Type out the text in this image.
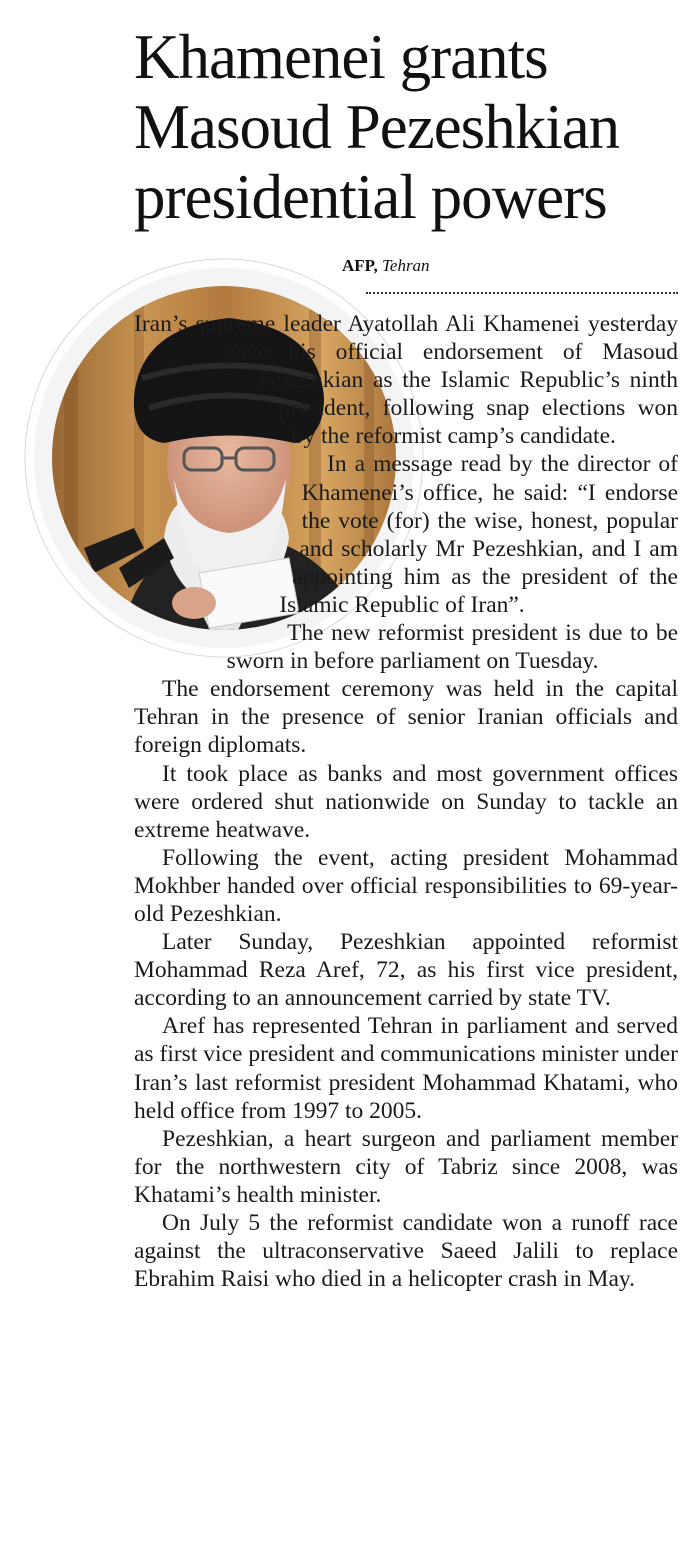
Khamenei grants Masoud Pezeshkian presidential powers
AFP, Tehran

Iran’s supreme leader Ayatollah Ali Khamenei yesterday gave his official endorsement of Masoud Pezeshkian as the Islamic Republic’s ninth president, following snap elections won by the reformist camp’s candidate.

In a message read by the director of Khamenei’s office, he said: “I endorse the vote (for) the wise, honest, popular and scholarly Mr Pezeshkian, and I am appointing him as the president of the Islamic Republic of Iran”.

The new reformist president is due to be sworn in before parliament on Tuesday.

The endorsement ceremony was held in the capital Tehran in the presence of senior Iranian officials and foreign diplomats.

It took place as banks and most government offices were ordered shut nationwide on Sunday to tackle an extreme heatwave.

Following the event, acting president Mohammad Mokhber handed over official responsibilities to 69-year-old Pezeshkian.

Later Sunday, Pezeshkian appointed reformist Mohammad Reza Aref, 72, as his first vice president, according to an announcement carried by state TV.

Aref has represented Tehran in parliament and served as first vice president and communications minister under Iran’s last reformist president Mohammad Khatami, who held office from 1997 to 2005.

Pezeshkian, a heart surgeon and parliament member for the northwestern city of Tabriz since 2008, was Khatami’s health minister.

On July 5 the reformist candidate won a runoff race against the ultraconservative Saeed Jalili to replace Ebrahim Raisi who died in a helicopter crash in May.
